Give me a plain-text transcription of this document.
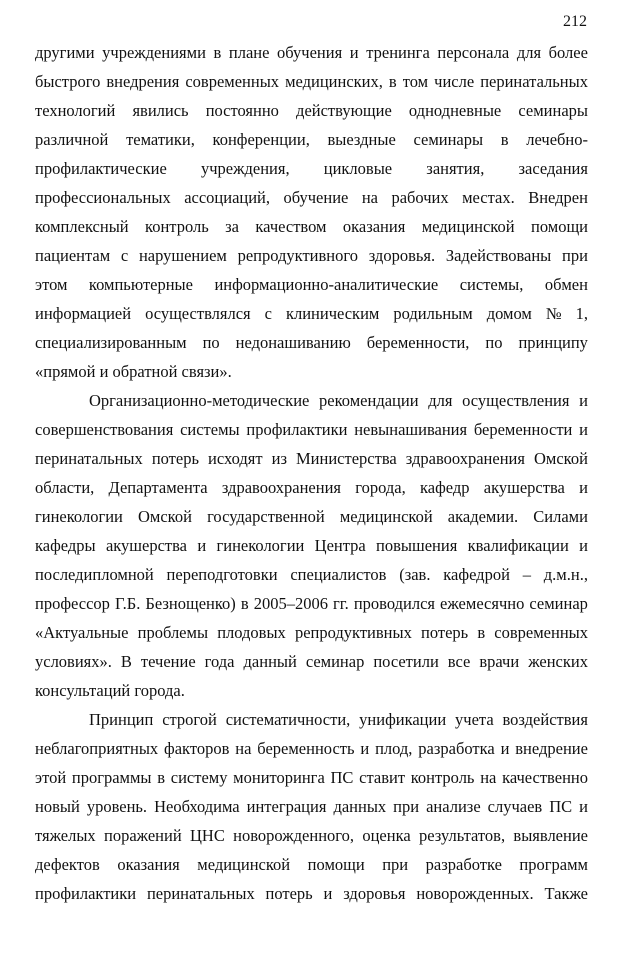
212
другими учреждениями в плане обучения и тренинга персонала для более
быстрого внедрения современных медицинских, в том числе перинатальных
технологий явились постоянно действующие однодневные семинары
различной тематики, конференции, выездные семинары в лечебно-
профилактические учреждения, цикловые занятия, заседания
профессиональных ассоциаций, обучение на рабочих местах. Внедрен
комплексный контроль за качеством оказания медицинской помощи
пациентам с нарушением репродуктивного здоровья. Задействованы при
этом компьютерные информационно-аналитические системы, обмен
информацией осуществлялся с клиническим родильным домом № 1,
специализированным по недонашиванию беременности, по принципу
«прямой и обратной связи».
Организационно-методические рекомендации для осуществления и
совершенствования системы профилактики невынашивания беременности и
перинатальных потерь исходят из Министерства здравоохранения Омской
области, Департамента здравоохранения города, кафедр акушерства и
гинекологии Омской государственной медицинской академии. Силами
кафедры акушерства и гинекологии Центра повышения квалификации и
последипломной переподготовки специалистов (зав. кафедрой – д.м.н.,
профессор Г.Б. Безнощенко) в 2005–2006 гг. проводился ежемесячно семинар
«Актуальные проблемы плодовых репродуктивных потерь в современных
условиях». В течение года данный семинар посетили все врачи женских
консультаций города.
Принцип строгой систематичности, унификации учета воздействия
неблагоприятных факторов на беременность и плод, разработка и внедрение
этой программы в систему мониторинга ПС ставит контроль на качественно
новый уровень. Необходима интеграция данных при анализе случаев ПС и
тяжелых поражений ЦНС новорожденного, оценка результатов, выявление
дефектов оказания медицинской помощи при разработке программ
профилактики перинатальных потерь и здоровья новорожденных. Также
